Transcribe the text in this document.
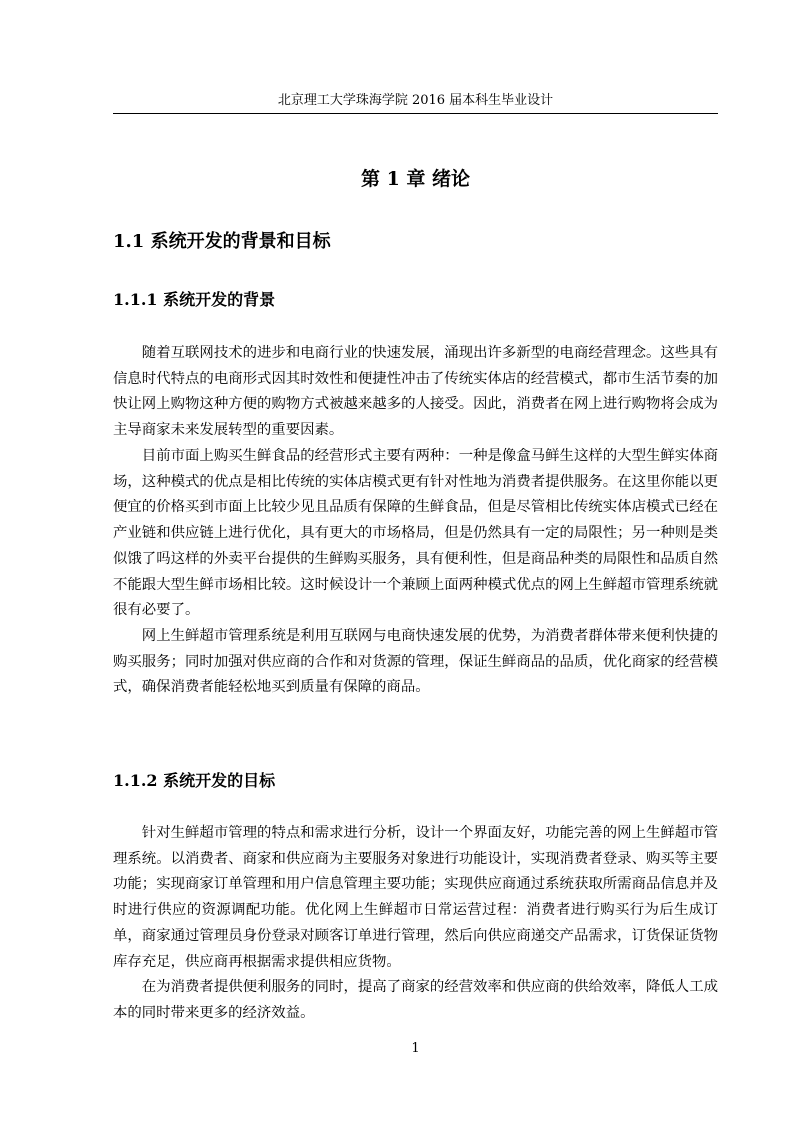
北京理工大学珠海学院 2016 届本科生毕业设计
第 1 章 绪论
1.1 系统开发的背景和目标
1.1.1 系统开发的背景

随着互联网技术的进步和电商行业的快速发展，涌现出许多新型的电商经营理念。这些具有信息时代特点的电商形式因其时效性和便捷性冲击了传统实体店的经营模式，都市生活节奏的加快让网上购物这种方便的购物方式被越来越多的人接受。因此，消费者在网上进行购物将会成为主导商家未来发展转型的重要因素。

目前市面上购买生鲜食品的经营形式主要有两种：一种是像盒马鲜生这样的大型生鲜实体商场，这种模式的优点是相比传统的实体店模式更有针对性地为消费者提供服务。在这里你能以更便宜的价格买到市面上比较少见且品质有保障的生鲜食品，但是尽管相比传统实体店模式已经在产业链和供应链上进行优化，具有更大的市场格局，但是仍然具有一定的局限性；另一种则是类似饿了吗这样的外卖平台提供的生鲜购买服务，具有便利性，但是商品种类的局限性和品质自然不能跟大型生鲜市场相比较。这时候设计一个兼顾上面两种模式优点的网上生鲜超市管理系统就很有必要了。

网上生鲜超市管理系统是利用互联网与电商快速发展的优势，为消费者群体带来便利快捷的购买服务；同时加强对供应商的合作和对货源的管理，保证生鲜商品的品质，优化商家的经营模式，确保消费者能轻松地买到质量有保障的商品。

1.1.2 系统开发的目标

针对生鲜超市管理的特点和需求进行分析，设计一个界面友好，功能完善的网上生鲜超市管理系统。以消费者、商家和供应商为主要服务对象进行功能设计，实现消费者登录、购买等主要功能；实现商家订单管理和用户信息管理主要功能；实现供应商通过系统获取所需商品信息并及时进行供应的资源调配功能。优化网上生鲜超市日常运营过程：消费者进行购买行为后生成订单，商家通过管理员身份登录对顾客订单进行管理，然后向供应商递交产品需求，订货保证货物库存充足，供应商再根据需求提供相应货物。

在为消费者提供便利服务的同时，提高了商家的经营效率和供应商的供给效率，降低人工成本的同时带来更多的经济效益。

1
